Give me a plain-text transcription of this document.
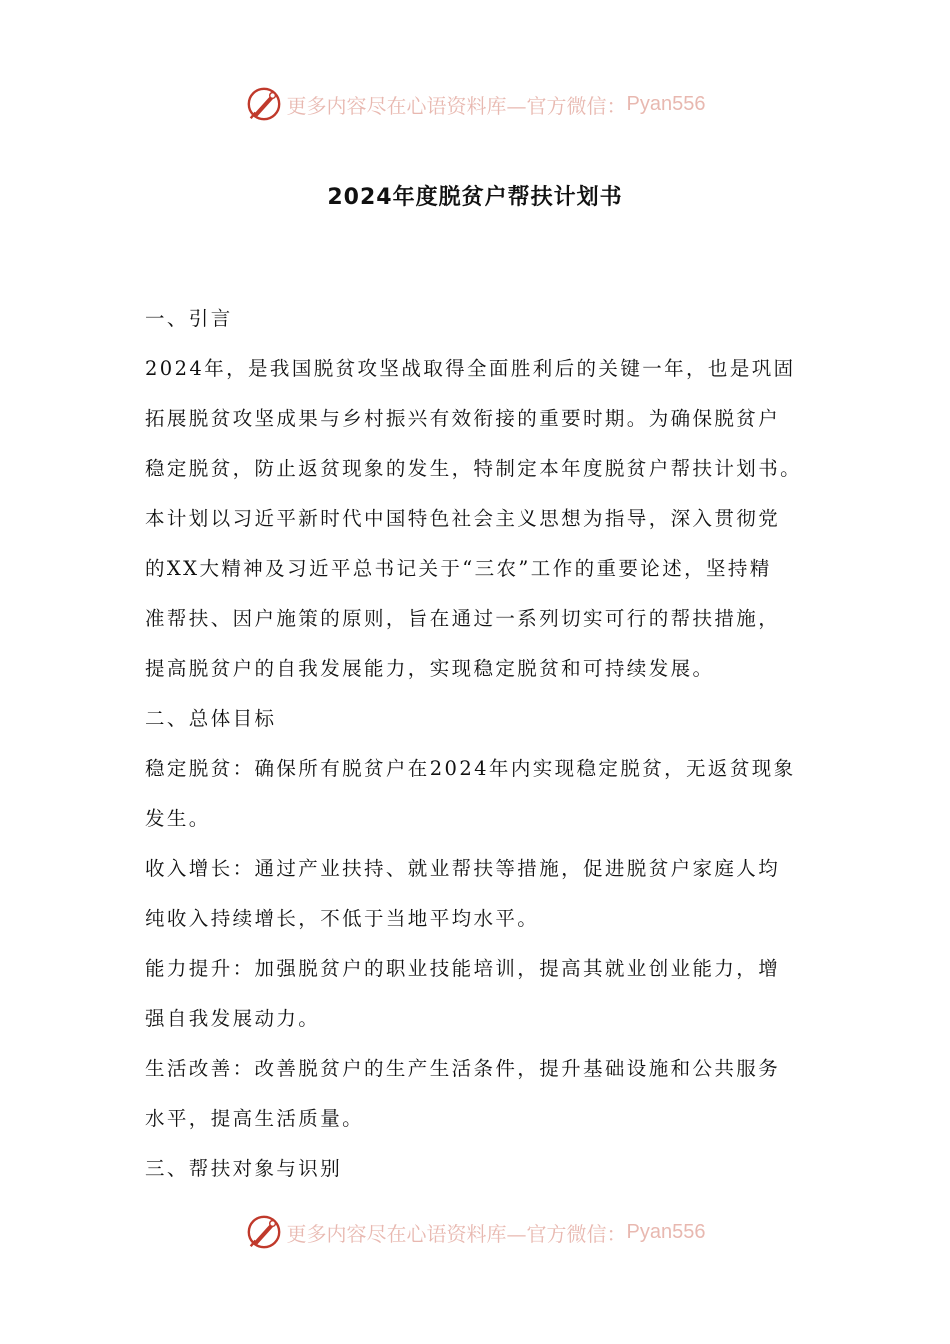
更多内容尽在心语资料库—官方微信： Pyan556
2024年度脱贫户帮扶计划书
一、引言
2024年，是我国脱贫攻坚战取得全面胜利后的关键一年，也是巩固
拓展脱贫攻坚成果与乡村振兴有效衔接的重要时期。为确保脱贫户
稳定脱贫，防止返贫现象的发生，特制定本年度脱贫户帮扶计划书。
本计划以习近平新时代中国特色社会主义思想为指导，深入贯彻党
的XX大精神及习近平总书记关于“三农”工作的重要论述，坚持精
准帮扶、因户施策的原则，旨在通过一系列切实可行的帮扶措施，
提高脱贫户的自我发展能力，实现稳定脱贫和可持续发展。
二、总体目标
稳定脱贫：确保所有脱贫户在2024年内实现稳定脱贫，无返贫现象
发生。
收入增长：通过产业扶持、就业帮扶等措施，促进脱贫户家庭人均
纯收入持续增长，不低于当地平均水平。
能力提升：加强脱贫户的职业技能培训，提高其就业创业能力，增
强自我发展动力。
生活改善：改善脱贫户的生产生活条件，提升基础设施和公共服务
水平，提高生活质量。
三、帮扶对象与识别
更多内容尽在心语资料库—官方微信： Pyan556
